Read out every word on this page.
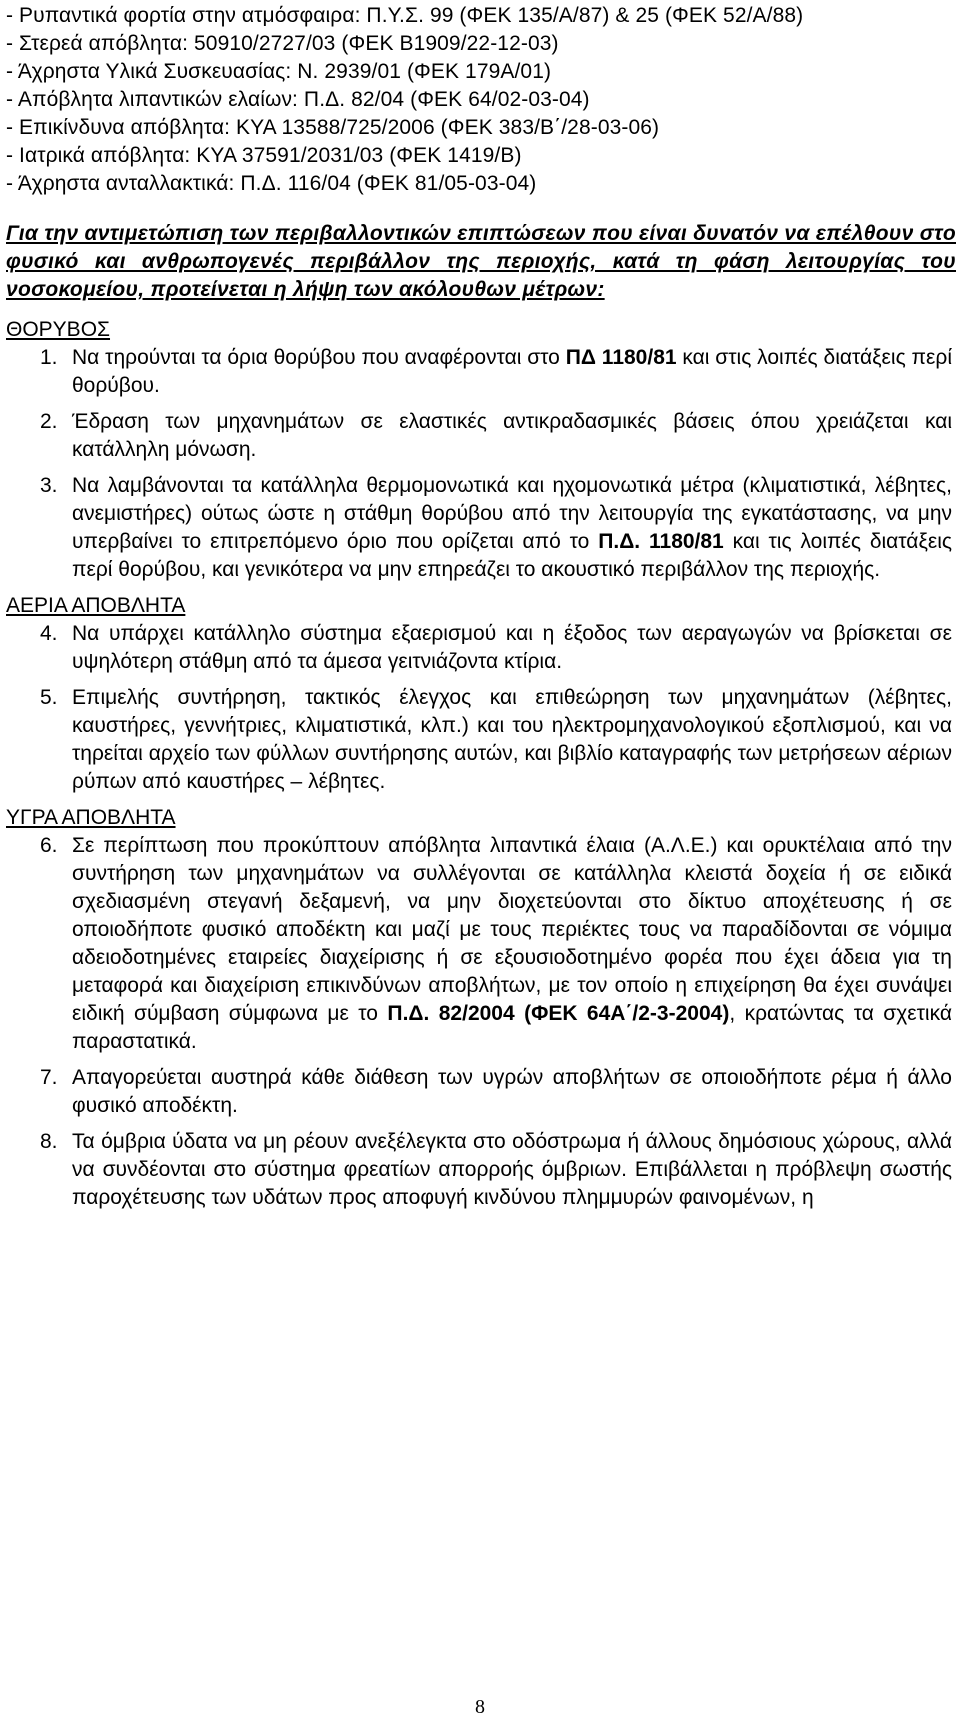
- Ρυπαντικά φορτία στην ατμόσφαιρα: Π.Υ.Σ. 99 (ΦΕΚ 135/Α/87) & 25 (ΦΕΚ 52/Α/88)
- Στερεά απόβλητα: 50910/2727/03 (ΦΕΚ Β1909/22-12-03)
- Άχρηστα Υλικά Συσκευασίας: Ν. 2939/01 (ΦΕΚ 179Α/01)
- Απόβλητα λιπαντικών ελαίων: Π.Δ. 82/04 (ΦΕΚ 64/02-03-04)
- Επικίνδυνα απόβλητα: ΚΥΑ 13588/725/2006 (ΦΕΚ 383/Β΄/28-03-06)
- Ιατρικά απόβλητα: ΚΥΑ 37591/2031/03 (ΦΕΚ 1419/Β)
- Άχρηστα ανταλλακτικά: Π.Δ. 116/04 (ΦΕΚ 81/05-03-04)

Για την αντιμετώπιση των περιβαλλοντικών επιπτώσεων που είναι δυνατόν να επέλθουν στο φυσικό και ανθρωπογενές περιβάλλον της περιοχής, κατά τη φάση λειτουργίας του νοσοκομείου, προτείνεται η λήψη των ακόλουθων μέτρων:

ΘΟΡΥΒΟΣ

1. Να τηρούνται τα όρια θορύβου που αναφέρονται στο ΠΔ 1180/81 και στις λοιπές διατάξεις περί θορύβου.
2. Έδραση των μηχανημάτων σε ελαστικές αντικραδασμικές βάσεις όπου χρειάζεται και κατάλληλη μόνωση.
3. Να λαμβάνονται τα κατάλληλα θερμομονωτικά και ηχομονωτικά μέτρα (κλιματιστικά, λέβητες, ανεμιστήρες) ούτως ώστε η στάθμη θορύβου από την λειτουργία της εγκατάστασης, να μην υπερβαίνει το επιτρεπόμενο όριο που ορίζεται από το Π.Δ. 1180/81 και τις λοιπές διατάξεις περί θορύβου, και γενικότερα να μην επηρεάζει το ακουστικό περιβάλλον της περιοχής.

ΑΕΡΙΑ ΑΠΟΒΛΗΤΑ

4. Να υπάρχει κατάλληλο σύστημα εξαερισμού και η έξοδος των αεραγωγών να βρίσκεται σε υψηλότερη στάθμη από τα άμεσα γειτνιάζοντα κτίρια.
5. Επιμελής συντήρηση, τακτικός έλεγχος και επιθεώρηση των μηχανημάτων (λέβητες, καυστήρες, γεννήτριες, κλιματιστικά, κλπ.) και του ηλεκτρομηχανολογικού εξοπλισμού, και να τηρείται αρχείο των φύλλων συντήρησης αυτών, και βιβλίο καταγραφής των μετρήσεων αέριων ρύπων από καυστήρες – λέβητες.

ΥΓΡΑ ΑΠΟΒΛΗΤΑ

6. Σε περίπτωση που προκύπτουν απόβλητα λιπαντικά έλαια (Α.Λ.Ε.) και ορυκτέλαια από την συντήρηση των μηχανημάτων να συλλέγονται σε κατάλληλα κλειστά δοχεία ή σε ειδικά σχεδιασμένη στεγανή δεξαμενή, να μην διοχετεύονται στο δίκτυο αποχέτευσης ή σε οποιοδήποτε φυσικό αποδέκτη και μαζί με τους περιέκτες τους να παραδίδονται σε νόμιμα αδειοδοτημένες εταιρείες διαχείρισης ή σε εξουσιοδοτημένο φορέα που έχει άδεια για τη μεταφορά και διαχείριση επικινδύνων αποβλήτων, με τον οποίο η επιχείρηση θα έχει συνάψει ειδική σύμβαση σύμφωνα με το Π.Δ. 82/2004 (ΦΕΚ 64Α΄/2-3-2004), κρατώντας τα σχετικά παραστατικά.
7. Απαγορεύεται αυστηρά κάθε διάθεση των υγρών αποβλήτων σε οποιοδήποτε ρέμα ή άλλο φυσικό αποδέκτη.
8. Τα όμβρια ύδατα να μη ρέουν ανεξέλεγκτα στο οδόστρωμα ή άλλους δημόσιους χώρους, αλλά να συνδέονται στο σύστημα φρεατίων απορροής όμβριων. Επιβάλλεται η πρόβλεψη σωστής παροχέτευσης των υδάτων προς αποφυγή κινδύνου πλημμυρών φαινομένων, η
8
